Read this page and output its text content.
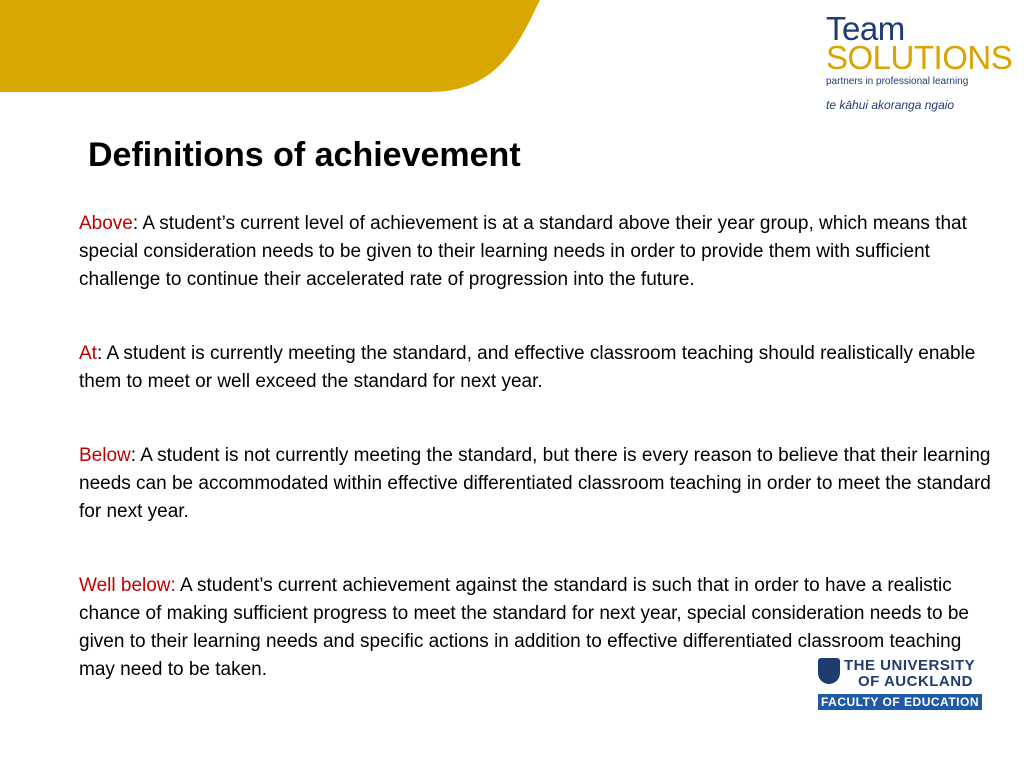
Team
SOLUTIONS
partners in professional learning
te kāhui akoranga ngaio
Definitions of achievement

Above: A student’s current level of achievement is at a standard above their year group, which means that special consideration needs to be given to their learning needs in order to provide them with sufficient challenge to continue their accelerated rate of progression into the future.

At: A student is currently meeting the standard, and effective classroom teaching should realistically enable them to meet or well exceed the standard for next year.

Below: A student is not currently meeting the standard, but there is every reason to believe that their learning needs can be accommodated within effective differentiated classroom teaching in order to meet the standard for next year.

Well below: A student’s current achievement against the standard is such that in order to have a realistic chance of making sufficient progress to meet the standard for next year, special consideration needs to be given to their learning needs and specific actions in addition to effective differentiated classroom teaching may need to be taken.	THE UNIVERSITY
OF AUCKLAND
FACULTY OF EDUCATION
